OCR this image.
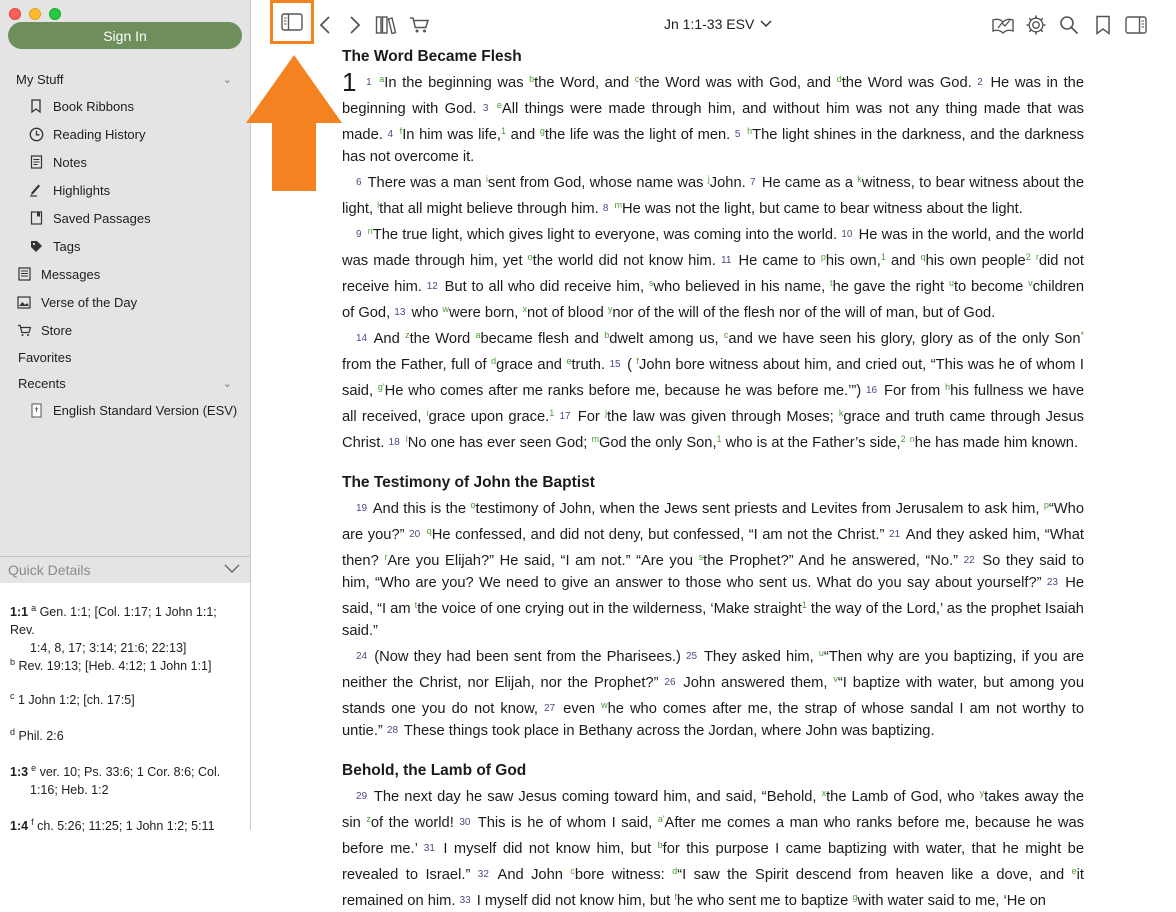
Sign In
My Stuff	⌄
Book Ribbons
Reading History
Notes
Highlights
Saved Passages
Tags
Messages
Verse of the Day
Store
Favorites
Recents	⌄
English Standard Version (ESV)
Quick Details
1:1 $^a$ Gen. 1:1; [Col. 1:17; 1 John 1:1; Rev.
1:4, 8, 17; 3:14; 21:6; 22:13]
$^b$ Rev. 19:13; [Heb. 4:12; 1 John 1:1]
$^c$ 1 John 1:2; [ch. 17:5]
$^d$ Phil. 2:6
1:3 $^e$ ver. 10; Ps. 33:6; 1 Cor. 8:6; Col.
1:16; Heb. 1:2
1:4 $^f$ ch. 5:26; 11:25; 1 John 1:2; 5:11
Jn 1:1-33 ESV
The Word Became Flesh

1 1 $^a$In the beginning was $^b$the Word, and $^c$the Word was with God, and $^d$the Word was God. 2 He was in the beginning with God. 3 $^e$All things were made through him, and without him was not any thing made that was made. 4 $^f$In him was life,$^1$ and $^g$the life was the light of men. 5 $^h$The light shines in the darkness, and the darkness has not overcome it.

6 There was a man $^i$sent from God, whose name was $^j$John. 7 He came as a $^k$witness, to bear witness about the light, $^l$that all might believe through him. 8 $^m$He was not the light, but came to bear witness about the light.

9 $^n$The true light, which gives light to everyone, was coming into the world. 10 He was in the world, and the world was made through him, yet $^o$the world did not know him. 11 He came to $^p$his own,$^1$ and $^q$his own people$^2$ $^r$did not receive him. 12 But to all who did receive him, $^s$who believed in his name, $^t$he gave the right $^u$to become $^v$children of God, 13 who $^w$were born, $^x$not of blood $^y$nor of the will of the flesh nor of the will of man, but of God.

14 And $^z$the Word $^a$became flesh and $^b$dwelt among us, $^c$and we have seen his glory, glory as of the only Son* from the Father, full of $^d$grace and $^e$truth. 15 ( $^f$John bore witness about him, and cried out, “This was he of whom I said, $^{g'}$He who comes after me ranks before me, because he was before me.’”) 16 For from $^h$his fullness we have all received, $^i$grace upon grace.$^1$ 17 For $^j$the law was given through Moses; $^k$grace and truth came through Jesus Christ. 18 $^l$No one has ever seen God; $^m$God the only Son,$^1$ who is at the Father’s side,$^2$ $^n$he has made him known.

The Testimony of John the Baptist

19 And this is the $^o$testimony of John, when the Jews sent priests and Levites from Jerusalem to ask him, $^p$“Who are you?” 20 $^q$He confessed, and did not deny, but confessed, “I am not the Christ.” 21 And they asked him, “What then? $^r$Are you Elijah?” He said, “I am not.” “Are you $^s$the Prophet?” And he answered, “No.” 22 So they said to him, “Who are you? We need to give an answer to those who sent us. What do you say about yourself?” 23 He said, “I am $^t$the voice of one crying out in the wilderness, ‘Make straight$^1$ the way of the Lord,’ as the prophet Isaiah said.”

24 (Now they had been sent from the Pharisees.) 25 They asked him, $^u$“Then why are you baptizing, if you are neither the Christ, nor Elijah, nor the Prophet?” 26 John answered them, $^v$“I baptize with water, but among you stands one you do not know, 27 even $^w$he who comes after me, the strap of whose sandal I am not worthy to untie.” 28 These things took place in Bethany across the Jordan, where John was baptizing.

Behold, the Lamb of God

29 The next day he saw Jesus coming toward him, and said, “Behold, $^x$the Lamb of God, who $^y$takes away the sin $^z$of the world! 30 This is he of whom I said, $^{a'}$After me comes a man who ranks before me, because he was before me.’ 31 I myself did not know him, but $^b$for this purpose I came baptizing with water, that he might be revealed to Israel.” 32 And John $^c$bore witness: $^d$“I saw the Spirit descend from heaven like a dove, and $^e$it remained on him. 33 I myself did not know him, but $^f$he who sent me to baptize $^g$with water said to me, ‘He on
